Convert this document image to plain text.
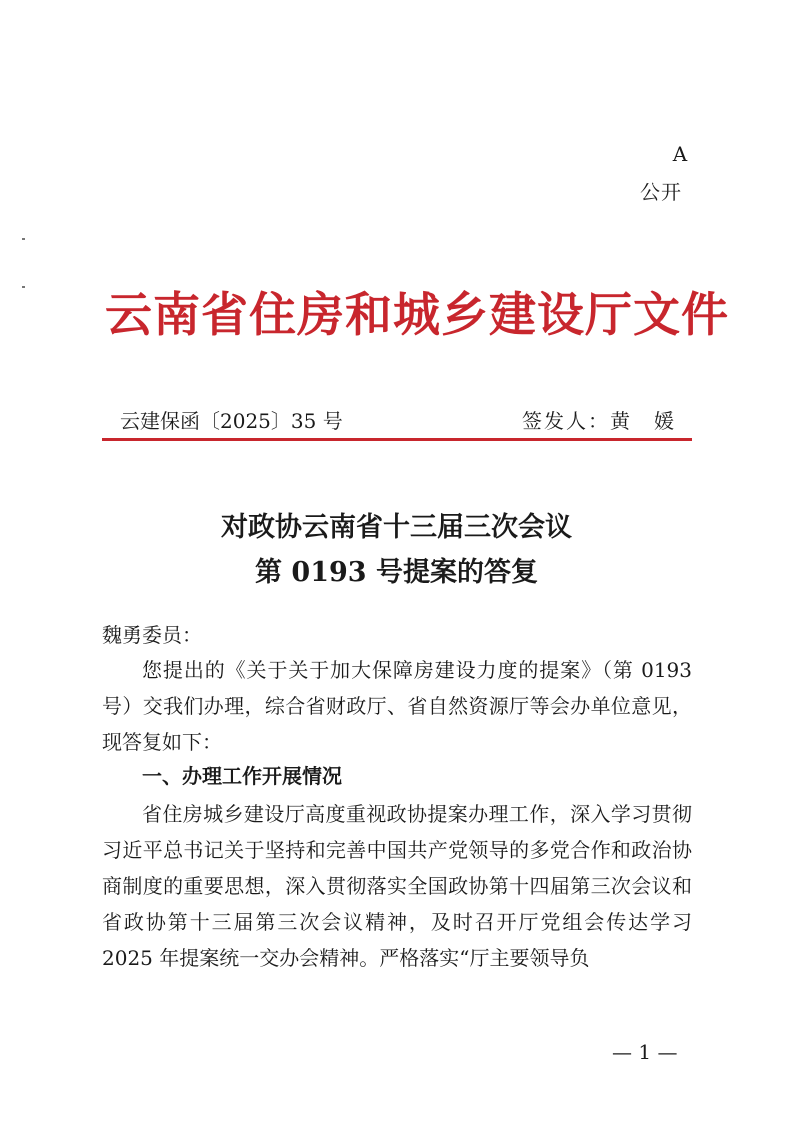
A
公开
云南省住房和城乡建设厅文件
云建保函〔2025〕35 号	签发人：黄　媛
对政协云南省十三届三次会议
第 0193 号提案的答复
魏勇委员：
您提出的《关于关于加大保障房建设力度的提案》（第 0193 号）交我们办理，综合省财政厅、省自然资源厅等会办单位意见，现答复如下：
一、办理工作开展情况
省住房城乡建设厅高度重视政协提案办理工作，深入学习贯彻习近平总书记关于坚持和完善中国共产党领导的多党合作和政治协商制度的重要思想，深入贯彻落实全国政协第十四届第三次会议和省政协第十三届第三次会议精神，及时召开厅党组会传达学习 2025 年提案统一交办会精神。严格落实“厅主要领导负
— 1 —
